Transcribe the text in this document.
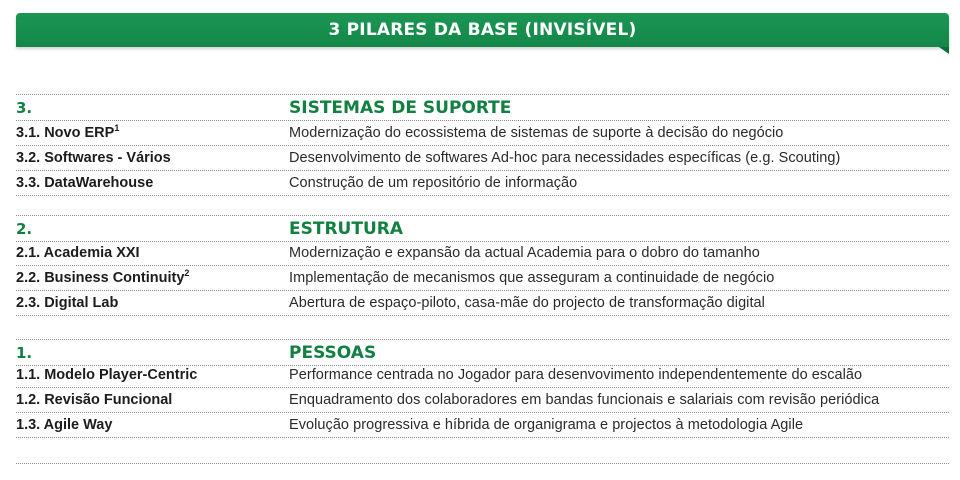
3 PILARES DA BASE (INVISÍVEL)
3.	SISTEMAS DE SUPORTE
3.1. Novo ERP$^1$	Modernização do ecossistema de sistemas de suporte à decisão do negócio
3.2. Softwares - Vários	Desenvolvimento de softwares Ad-hoc para necessidades específicas (e.g. Scouting)
3.3. DataWarehouse	Construção de um repositório de informação
2.	ESTRUTURA
2.1. Academia XXI	Modernização e expansão da actual Academia para o dobro do tamanho
2.2. Business Continuity$^2$	Implementação de mecanismos que asseguram a continuidade de negócio
2.3. Digital Lab	Abertura de espaço-piloto, casa-mãe do projecto de transformação digital
1.	PESSOAS
1.1. Modelo Player-Centric	Performance centrada no Jogador para desenvovimento independentemente do escalão
1.2. Revisão Funcional	Enquadramento dos colaboradores em bandas funcionais e salariais com revisão periódica
1.3. Agile Way	Evolução progressiva e híbrida de organigrama e projectos à metodologia Agile
